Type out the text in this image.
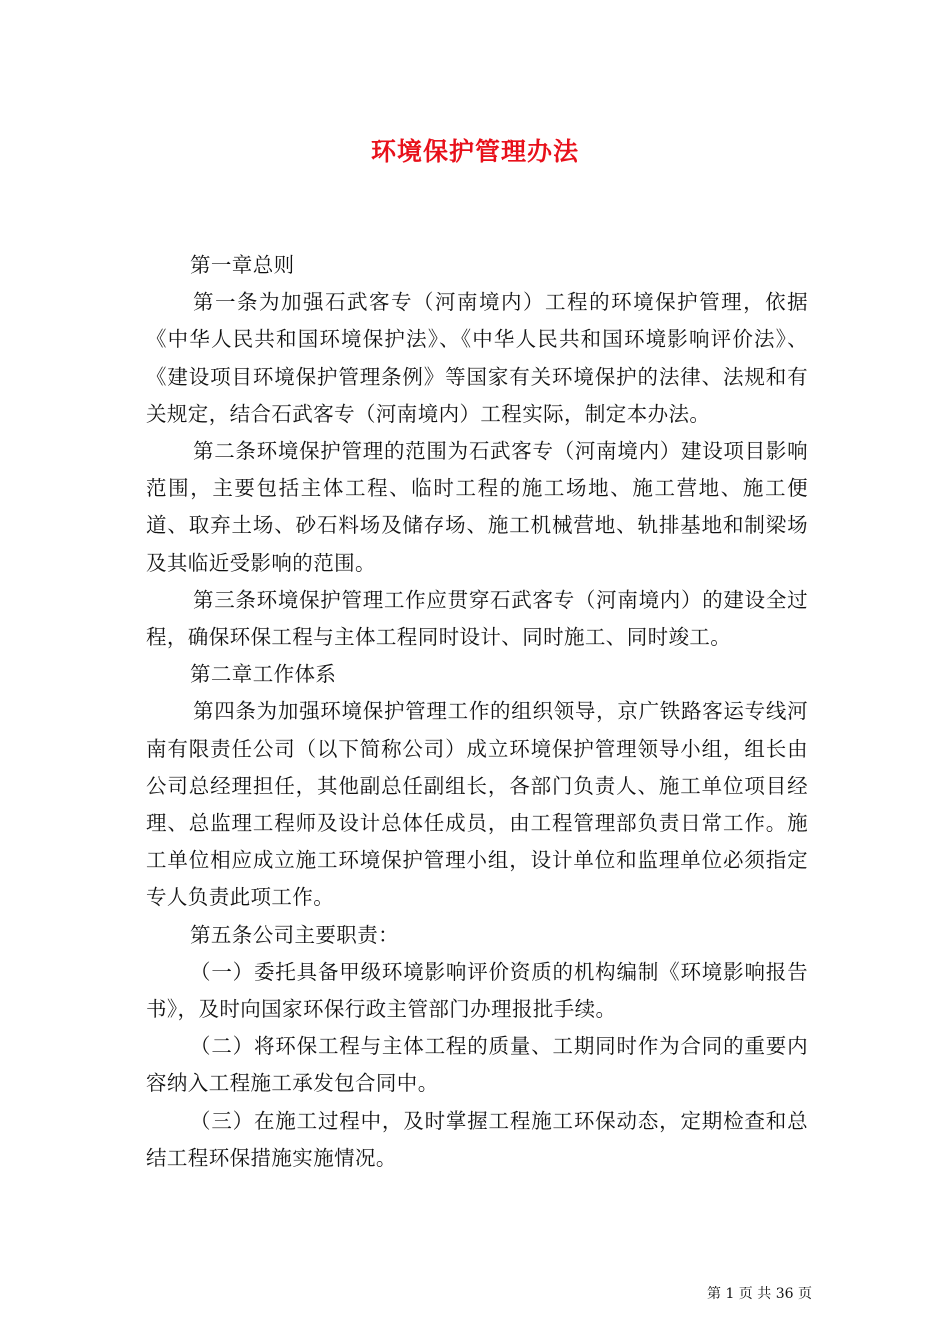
环境保护管理办法

第一章总则

第一条为加强石武客专（河南境内）工程的环境保护管理，依据《中华人民共和国环境保护法》、《中华人民共和国环境影响评价法》、《建设项目环境保护管理条例》等国家有关环境保护的法律、法规和有关规定，结合石武客专（河南境内）工程实际，制定本办法。

第二条环境保护管理的范围为石武客专（河南境内）建设项目影响范围，主要包括主体工程、临时工程的施工场地、施工营地、施工便道、取弃土场、砂石料场及储存场、施工机械营地、轨排基地和制梁场及其临近受影响的范围。

第三条环境保护管理工作应贯穿石武客专（河南境内）的建设全过程，确保环保工程与主体工程同时设计、同时施工、同时竣工。

第二章工作体系

第四条为加强环境保护管理工作的组织领导，京广铁路客运专线河南有限责任公司（以下简称公司）成立环境保护管理领导小组，组长由公司总经理担任，其他副总任副组长，各部门负责人、施工单位项目经理、总监理工程师及设计总体任成员，由工程管理部负责日常工作。施工单位相应成立施工环境保护管理小组，设计单位和监理单位必须指定专人负责此项工作。

第五条公司主要职责：

（一）委托具备甲级环境影响评价资质的机构编制《环境影响报告书》，及时向国家环保行政主管部门办理报批手续。

（二）将环保工程与主体工程的质量、工期同时作为合同的重要内容纳入工程施工承发包合同中。

（三）在施工过程中，及时掌握工程施工环保动态，定期检查和总结工程环保措施实施情况。

第 1 页 共 36 页
